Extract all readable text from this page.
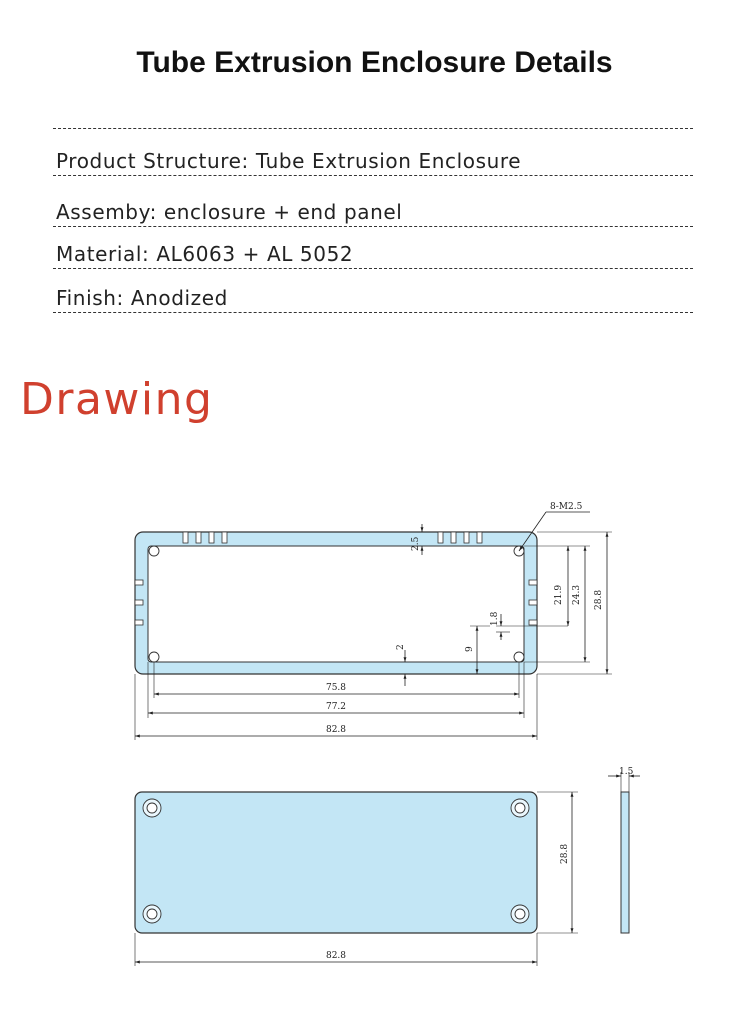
Tube Extrusion Enclosure Details
Product Structure: Tube Extrusion Enclosure
Assemby: enclosure + end panel
Material: AL6063 + AL 5052
Finish: Anodized
Drawing
8-M2.5
2.5
21.9 24.3 28.8
1.8
9
2
75.8
77.2
82.8
28.8
82.8
1.5
